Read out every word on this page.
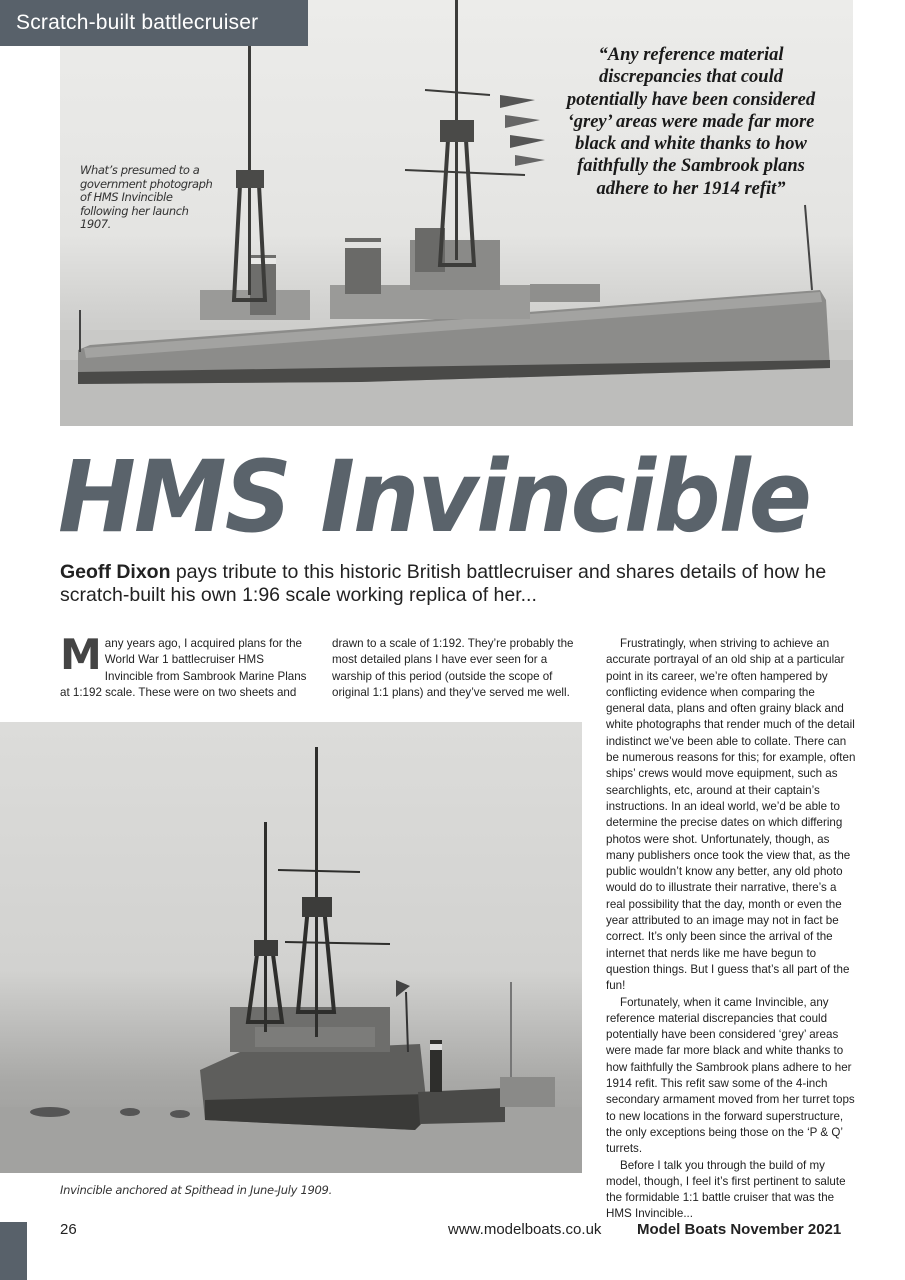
Scratch-built battlecruiser
What’s presumed to a government photograph of HMS Invincible following her launch 1907.
“Any reference material discrepancies that could potentially have been considered ‘grey’ areas were made far more black and white thanks to how faithfully the Sambrook plans adhere to her 1914 refit”
HMS Invincible
Geoff Dixon pays tribute to this historic British battlecruiser and shares details of how he scratch-built his own 1:96 scale working replica of her...
Many years ago, I acquired plans for the World War 1 battlecruiser HMS Invincible from Sambrook Marine Plans at 1:192 scale. These were on two sheets and
drawn to a scale of 1:192. They’re probably the most detailed plans I have ever seen for a warship of this period (outside the scope of original 1:1 plans) and they’ve served me well.

Frustratingly, when striving to achieve an accurate portrayal of an old ship at a particular point in its career, we’re often hampered by conflicting evidence when comparing the general data, plans and often grainy black and white photographs that render much of the detail indistinct we’ve been able to collate. There can be numerous reasons for this; for example, often ships’ crews would move equipment, such as searchlights, etc, around at their captain’s instructions. In an ideal world, we’d be able to determine the precise dates on which differing photos were shot. Unfortunately, though, as many publishers once took the view that, as the public wouldn’t know any better, any old photo would do to illustrate their narrative, there’s a real possibility that the day, month or even the year attributed to an image may not in fact be correct. It’s only been since the arrival of the internet that nerds like me have begun to question things. But I guess that’s all part of the fun!

Fortunately, when it came Invincible, any reference material discrepancies that could potentially have been considered ‘grey’ areas were made far more black and white thanks to how faithfully the Sambrook plans adhere to her 1914 refit. This refit saw some of the 4-inch secondary armament moved from her turret tops to new locations in the forward superstructure, the only exceptions being those on the ‘P & Q’ turrets.

Before I talk you through the build of my model, though, I feel it’s first pertinent to salute the formidable 1:1 battle cruiser that was the HMS Invincible...

Invincible anchored at Spithead in June-July 1909.
26	www.modelboats.co.uk Model Boats November 2021
